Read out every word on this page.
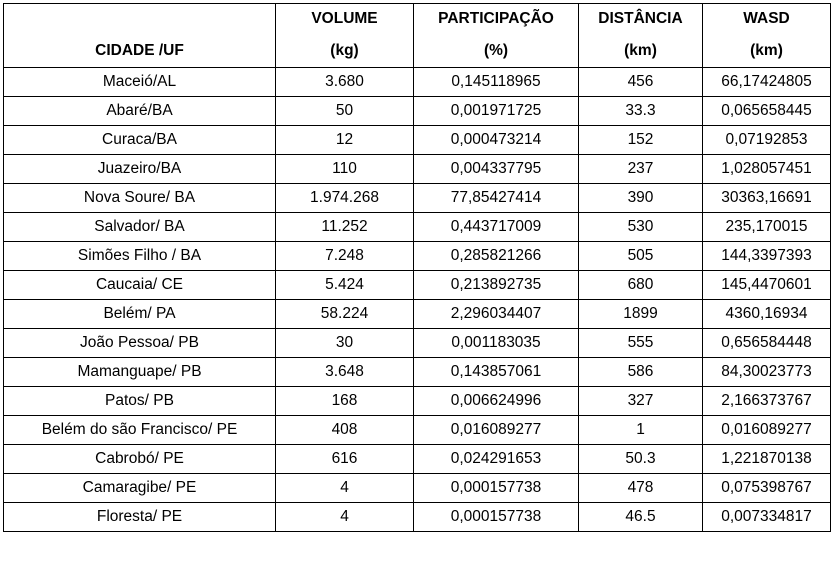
	VOLUME	PARTICIPAÇÃO	DISTÂNCIA	WASD
CIDADE /UF	(kg)	(%)	(km)	(km)
Maceió/AL	3.680	0,145118965	456	66,17424805
Abaré/BA	50	0,001971725	33.3	0,065658445
Curaca/BA	12	0,000473214	152	0,07192853
Juazeiro/BA	110	0,004337795	237	1,028057451
Nova Soure/ BA	1.974.268	77,85427414	390	30363,16691
Salvador/ BA	11.252	0,443717009	530	235,170015
Simões Filho / BA	7.248	0,285821266	505	144,3397393
Caucaia/ CE	5.424	0,213892735	680	145,4470601
Belém/ PA	58.224	2,296034407	1899	4360,16934
João Pessoa/ PB	30	0,001183035	555	0,656584448
Mamanguape/ PB	3.648	0,143857061	586	84,30023773
Patos/ PB	168	0,006624996	327	2,166373767
Belém do são Francisco/ PE	408	0,016089277	1	0,016089277
Cabrobó/ PE	616	0,024291653	50.3	1,221870138
Camaragibe/ PE	4	0,000157738	478	0,075398767
Floresta/ PE	4	0,000157738	46.5	0,007334817
